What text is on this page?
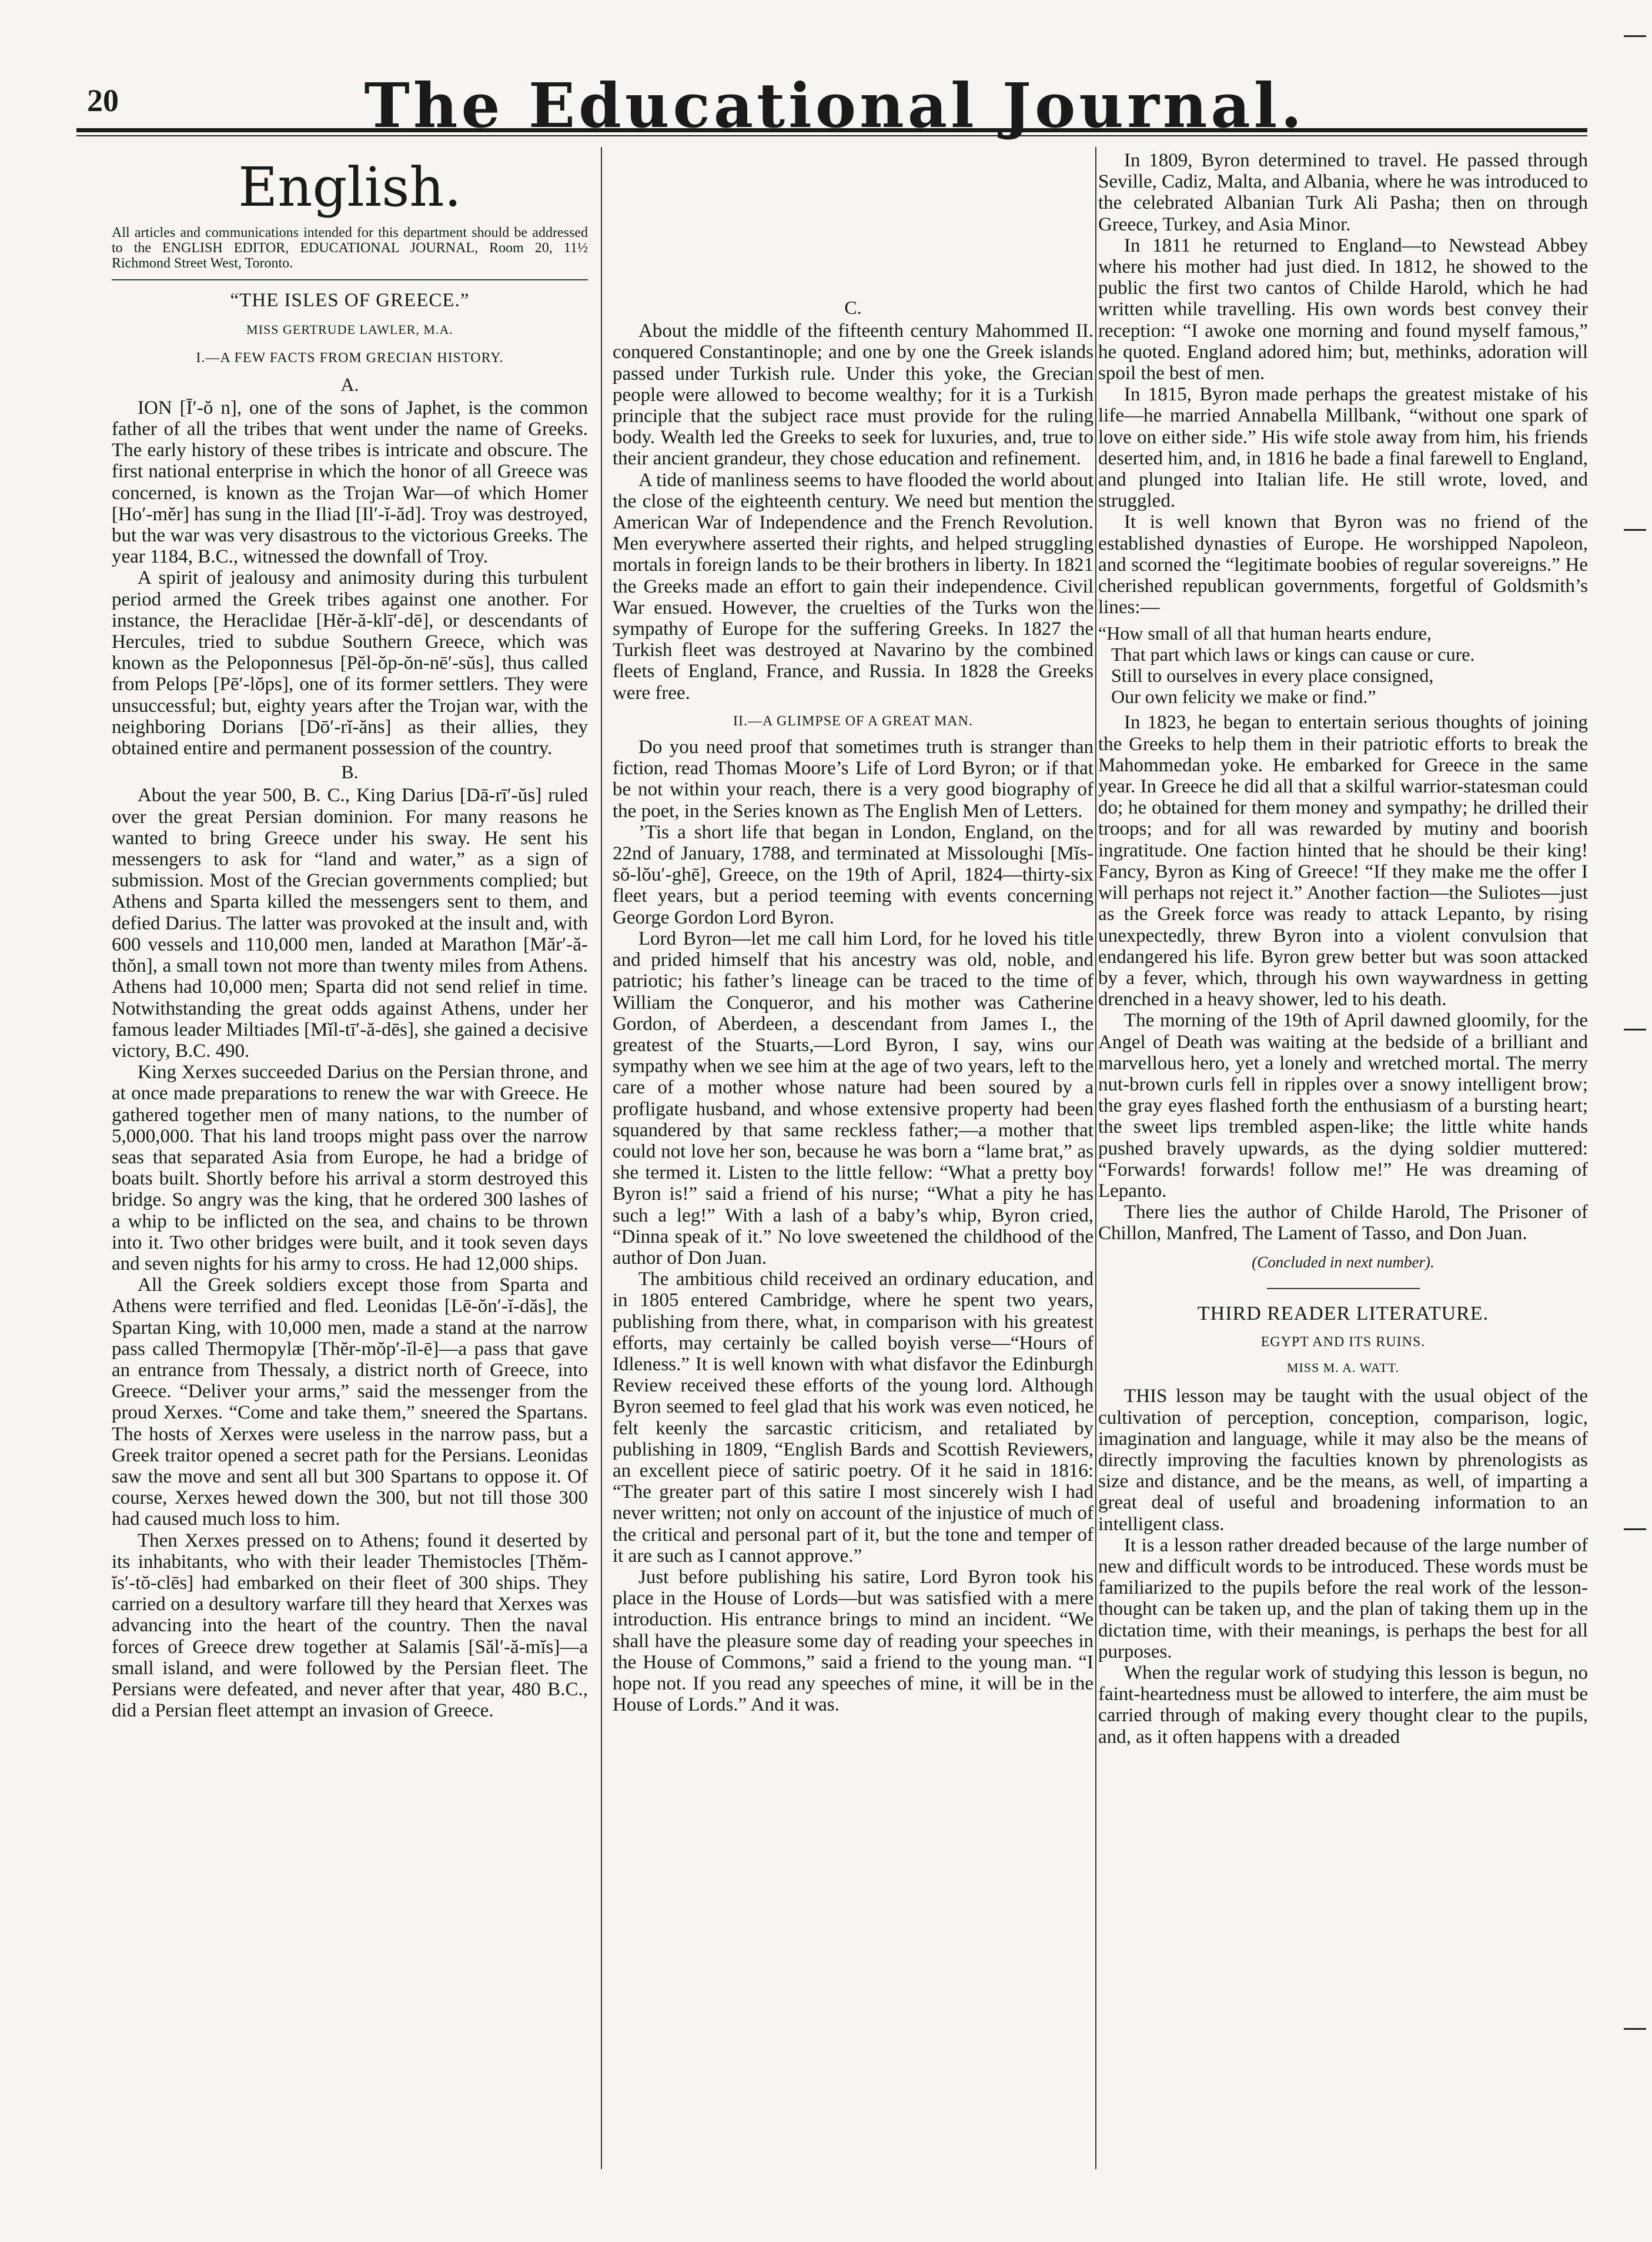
20	The Educational Journal.
English.
All articles and communications intended for this department should be addressed to the ENGLISH EDITOR, EDUCATIONAL JOURNAL, Room 20, 11½ Richmond Street West, Toronto.
“THE ISLES OF GREECE.”
MISS GERTRUDE LAWLER, M.A.
I.—A FEW FACTS FROM GRECIAN HISTORY.
A.

ION [Ī′-ŏ n], one of the sons of Japhet, is the common father of all the tribes that went under the name of Greeks. The early history of these tribes is intricate and obscure. The first national enterprise in which the honor of all Greece was concerned, is known as the Trojan War—of which Homer [Ho′-mĕr] has sung in the Iliad [Il′-ĭ-ăd]. Troy was destroyed, but the war was very disastrous to the victorious Greeks. The year 1184, B.C., witnessed the downfall of Troy.

A spirit of jealousy and animosity during this turbulent period armed the Greek tribes against one another. For instance, the Heraclidae [Hĕr-ă-klī′-dē], or descendants of Hercules, tried to subdue Southern Greece, which was known as the Peloponnesus [Pĕl-ŏp-ŏn-nē′-sŭs], thus called from Pelops [Pē′-lŏps], one of its former settlers. They were unsuccessful; but, eighty years after the Trojan war, with the neighboring Dorians [Dō′-rĭ-ăns] as their allies, they obtained entire and permanent possession of the country.

B.

About the year 500, B. C., King Darius [Dā-rī′-ŭs] ruled over the great Persian dominion. For many reasons he wanted to bring Greece under his sway. He sent his messengers to ask for “land and water,” as a sign of submission. Most of the Grecian governments complied; but Athens and Sparta killed the messengers sent to them, and defied Darius. The latter was provoked at the insult and, with 600 vessels and 110,000 men, landed at Marathon [Măr′-ă-thŏn], a small town not more than twenty miles from Athens. Athens had 10,000 men; Sparta did not send relief in time. Notwithstanding the great odds against Athens, under her famous leader Miltiades [Mĭl-tī′-ă-dēs], she gained a decisive victory, B.C. 490.

King Xerxes succeeded Darius on the Persian throne, and at once made preparations to renew the war with Greece. He gathered together men of many nations, to the number of 5,000,000. That his land troops might pass over the narrow seas that separated Asia from Europe, he had a bridge of boats built. Shortly before his arrival a storm destroyed this bridge. So angry was the king, that he ordered 300 lashes of a whip to be inflicted on the sea, and chains to be thrown into it. Two other bridges were built, and it took seven days and seven nights for his army to cross. He had 12,000 ships.

All the Greek soldiers except those from Sparta and Athens were terrified and fled. Leonidas [Lē-ŏn′-ĭ-dăs], the Spartan King, with 10,000 men, made a stand at the narrow pass called Thermopylæ [Thĕr-mŏp′-ĭl-ē]—a pass that gave an entrance from Thessaly, a district north of Greece, into Greece. “Deliver your arms,” said the messenger from the proud Xerxes. “Come and take them,” sneered the Spartans. The hosts of Xerxes were useless in the narrow pass, but a Greek traitor opened a secret path for the Persians. Leonidas saw the move and sent all but 300 Spartans to oppose it. Of course, Xerxes hewed down the 300, but not till those 300 had caused much loss to him.

Then Xerxes pressed on to Athens; found it deserted by its inhabitants, who with their leader Themistocles [Thĕm-ĭs′-tŏ-clēs] had embarked on their fleet of 300 ships. They carried on a desultory warfare till they heard that Xerxes was advancing into the heart of the country. Then the naval forces of Greece drew together at Salamis [Săl′-ă-mĭs]—a small island, and were followed by the Persian fleet. The Persians were defeated, and never after that year, 480 B.C., did a Persian fleet attempt an invasion of Greece.

C.

About the middle of the fifteenth century Mahommed II. conquered Constantinople; and one by one the Greek islands passed under Turkish rule. Under this yoke, the Grecian people were allowed to become wealthy; for it is a Turkish principle that the subject race must provide for the ruling body. Wealth led the Greeks to seek for luxuries, and, true to their ancient grandeur, they chose education and refinement.

A tide of manliness seems to have flooded the world about the close of the eighteenth century. We need but mention the American War of Independence and the French Revolution. Men everywhere asserted their rights, and helped struggling mortals in foreign lands to be their brothers in liberty. In 1821 the Greeks made an effort to gain their independence. Civil War ensued. However, the cruelties of the Turks won the sympathy of Europe for the suffering Greeks. In 1827 the Turkish fleet was destroyed at Navarino by the combined fleets of England, France, and Russia. In 1828 the Greeks were free.

II.—A GLIMPSE OF A GREAT MAN.

Do you need proof that sometimes truth is stranger than fiction, read Thomas Moore’s Life of Lord Byron; or if that be not within your reach, there is a very good biography of the poet, in the Series known as The English Men of Letters.

’Tis a short life that began in London, England, on the 22nd of January, 1788, and terminated at Missoloughi [Mĭs-sŏ-lŏu′-ghē], Greece, on the 19th of April, 1824—thirty-six fleet years, but a period teeming with events concerning George Gordon Lord Byron.

Lord Byron—let me call him Lord, for he loved his title and prided himself that his ancestry was old, noble, and patriotic; his father’s lineage can be traced to the time of William the Conqueror, and his mother was Catherine Gordon, of Aberdeen, a descendant from James I., the greatest of the Stuarts,—Lord Byron, I say, wins our sympathy when we see him at the age of two years, left to the care of a mother whose nature had been soured by a profligate husband, and whose extensive property had been squandered by that same reckless father;—a mother that could not love her son, because he was born a “lame brat,” as she termed it. Listen to the little fellow: “What a pretty boy Byron is!” said a friend of his nurse; “What a pity he has such a leg!” With a lash of a baby’s whip, Byron cried, “Dinna speak of it.” No love sweetened the childhood of the author of Don Juan.

The ambitious child received an ordinary education, and in 1805 entered Cambridge, where he spent two years, publishing from there, what, in comparison with his greatest efforts, may certainly be called boyish verse—“Hours of Idleness.” It is well known with what disfavor the Edinburgh Review received these efforts of the young lord. Although Byron seemed to feel glad that his work was even noticed, he felt keenly the sarcastic criticism, and retaliated by publishing in 1809, “English Bards and Scottish Reviewers, an excellent piece of satiric poetry. Of it he said in 1816: “The greater part of this satire I most sincerely wish I had never written; not only on account of the injustice of much of the critical and personal part of it, but the tone and temper of it are such as I cannot approve.”

Just before publishing his satire, Lord Byron took his place in the House of Lords—but was satisfied with a mere introduction. His entrance brings to mind an incident. “We shall have the pleasure some day of reading your speeches in the House of Commons,” said a friend to the young man. “I hope not. If you read any speeches of mine, it will be in the House of Lords.” And it was.

In 1809, Byron determined to travel. He passed through Seville, Cadiz, Malta, and Albania, where he was introduced to the celebrated Albanian Turk Ali Pasha; then on through Greece, Turkey, and Asia Minor.

In 1811 he returned to England—to Newstead Abbey where his mother had just died. In 1812, he showed to the public the first two cantos of Childe Harold, which he had written while travelling. His own words best convey their reception: “I awoke one morning and found myself famous,” he quoted. England adored him; but, methinks, adoration will spoil the best of men.

In 1815, Byron made perhaps the greatest mistake of his life—he married Annabella Millbank, “without one spark of love on either side.” His wife stole away from him, his friends deserted him, and, in 1816 he bade a final farewell to England, and plunged into Italian life. He still wrote, loved, and struggled.

It is well known that Byron was no friend of the established dynasties of Europe. He worshipped Napoleon, and scorned the “legitimate boobies of regular sovereigns.” He cherished republican governments, forgetful of Goldsmith’s lines:—

“How small of all that human hearts endure,
That part which laws or kings can cause or cure.
Still to ourselves in every place consigned,
Our own felicity we make or find.”

In 1823, he began to entertain serious thoughts of joining the Greeks to help them in their patriotic efforts to break the Mahommedan yoke. He embarked for Greece in the same year. In Greece he did all that a skilful warrior-statesman could do; he obtained for them money and sympathy; he drilled their troops; and for all was rewarded by mutiny and boorish ingratitude. One faction hinted that he should be their king! Fancy, Byron as King of Greece! “If they make me the offer I will perhaps not reject it.” Another faction—the Suliotes—just as the Greek force was ready to attack Lepanto, by rising unexpectedly, threw Byron into a violent convulsion that endangered his life. Byron grew better but was soon attacked by a fever, which, through his own waywardness in getting drenched in a heavy shower, led to his death.

The morning of the 19th of April dawned gloomily, for the Angel of Death was waiting at the bedside of a brilliant and marvellous hero, yet a lonely and wretched mortal. The merry nut-brown curls fell in ripples over a snowy intelligent brow; the gray eyes flashed forth the enthusiasm of a bursting heart; the sweet lips trembled aspen-like; the little white hands pushed bravely upwards, as the dying soldier muttered: “Forwards! forwards! follow me!” He was dreaming of Lepanto.

There lies the author of Childe Harold, The Prisoner of Chillon, Manfred, The Lament of Tasso, and Don Juan.

(Concluded in next number).
THIRD READER LITERATURE.
EGYPT AND ITS RUINS.
MISS M. A. WATT.

THIS lesson may be taught with the usual object of the cultivation of perception, conception, comparison, logic, imagination and language, while it may also be the means of directly improving the faculties known by phrenologists as size and distance, and be the means, as well, of imparting a great deal of useful and broadening information to an intelligent class.

It is a lesson rather dreaded because of the large number of new and difficult words to be introduced. These words must be familiarized to the pupils before the real work of the lesson-thought can be taken up, and the plan of taking them up in the dictation time, with their meanings, is perhaps the best for all purposes.

When the regular work of studying this lesson is begun, no faint-heartedness must be allowed to interfere, the aim must be carried through of making every thought clear to the pupils, and, as it often happens with a dreaded
